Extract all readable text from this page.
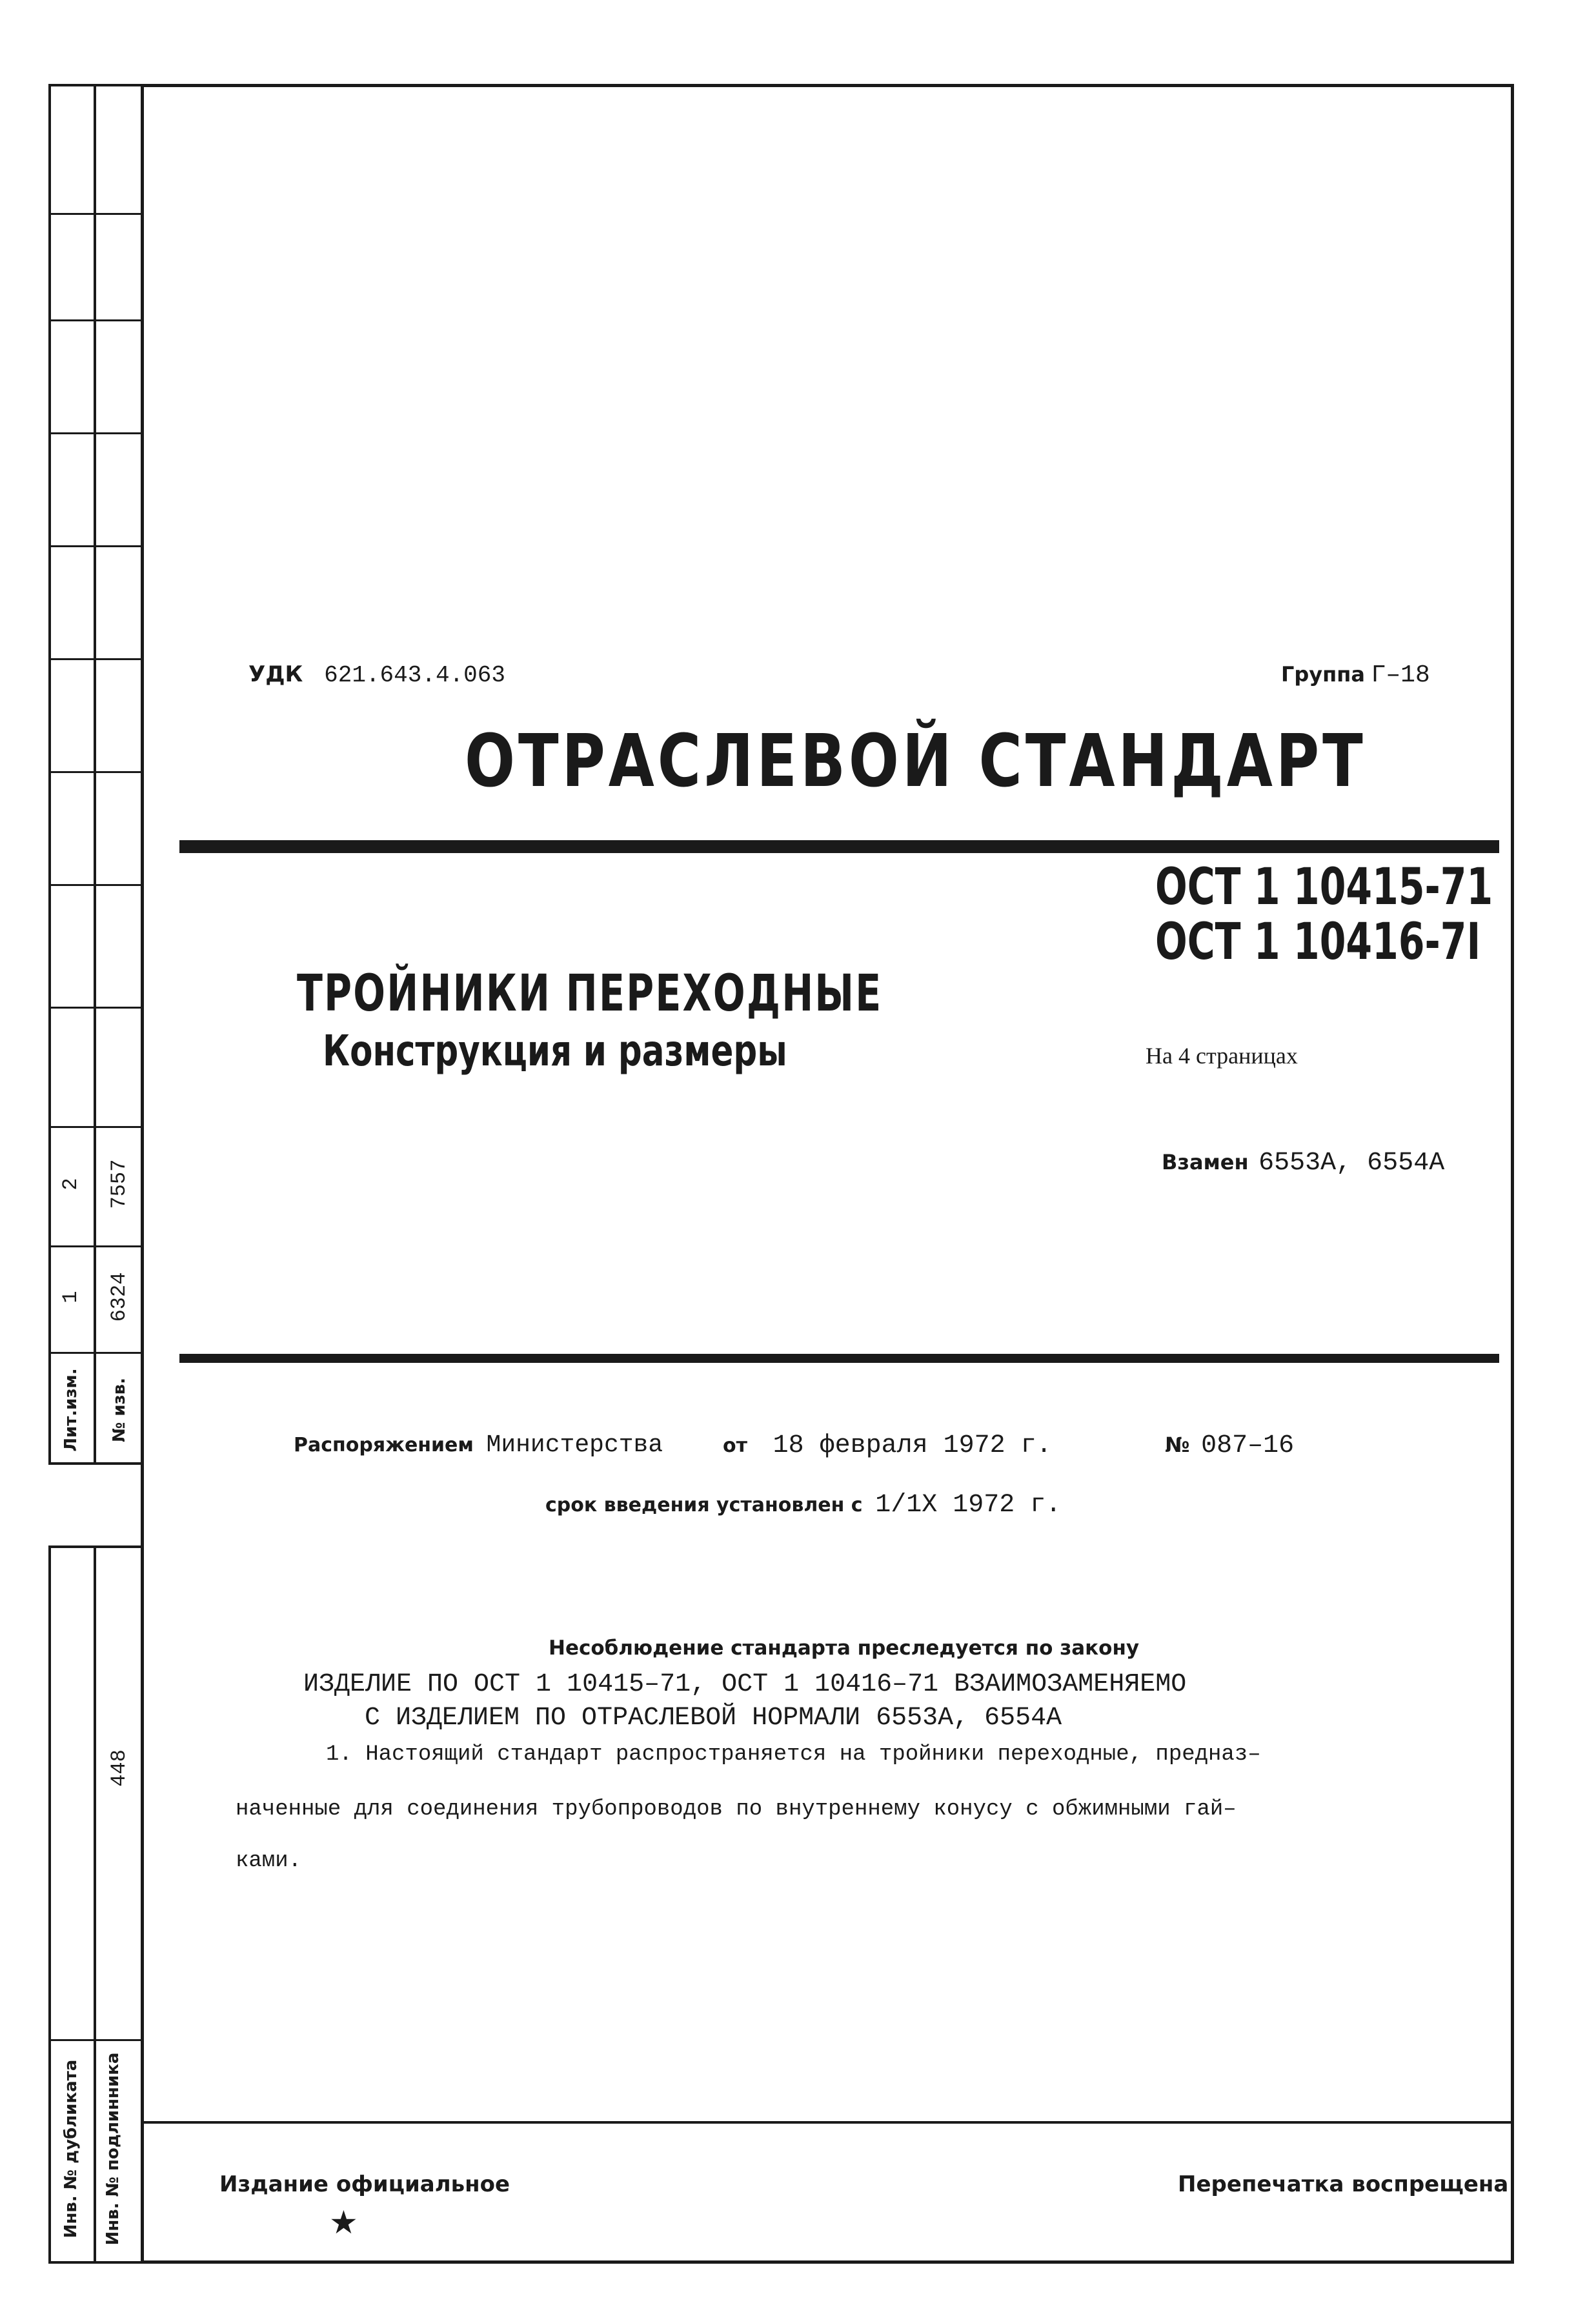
Лит.изм. № изв.
1 6324
2 7557
448
Инв. № дубликата Инв. № подлинника
УДК 621.643.4.063	Группа Г–18
ОТРАСЛЕВОЙ СТАНДАРТ
ОСТ 1 10415-71
ОСТ 1 10416-7I
ТРОЙНИКИ ПЕРЕХОДНЫЕ
Конструкция и размеры	На 4 страницах
Взамен 6553А, 6554А
Распоряжением Министерства	от 18 февраля 1972 г.	№ 087–16
срок введения установлен с 1/1Х 1972 г.
Несоблюдение стандарта преследуется по закону
ИЗДЕЛИЕ ПО ОСТ 1 10415–71, ОСТ 1 10416–71 ВЗАИМОЗАМЕНЯЕМО
С ИЗДЕЛИЕМ ПО ОТРАСЛЕВОЙ НОРМАЛИ 6553А, 6554А
1. Настоящий стандарт распространяется на тройники переходные, предназ–
наченные для соединения трубопроводов по внутреннему конусу с обжимными гай–
ками.
Издание официальное
★
Перепечатка воспрещена
